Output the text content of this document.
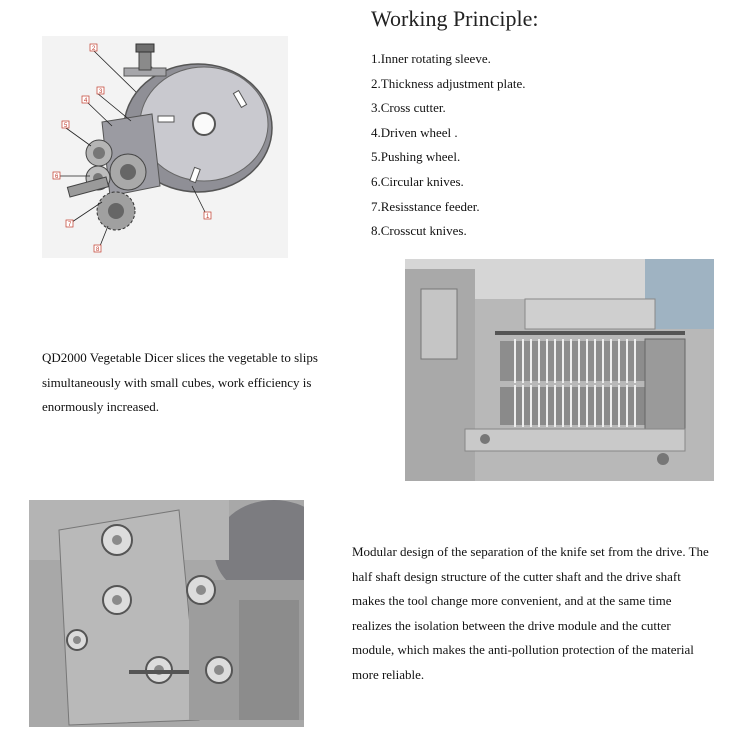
2
3
4
5
6
7
8
1
Working Principle:
1.Inner rotating sleeve.
2.Thickness adjustment plate.
3.Cross cutter.
4.Driven wheel .
5.Pushing wheel.
6.Circular knives.
7.Resisstance feeder.
8.Crosscut knives.
QD2000 Vegetable Dicer slices the vegetable to slips simultaneously with small cubes, work efficiency is enormously increased.
Modular design of the separation of the knife set from the drive. The half shaft design structure of the cutter shaft and the drive shaft makes the tool change more convenient, and at the same time realizes the isolation between the drive module and the cutter module, which makes the anti-pollution protection of the material more reliable.
